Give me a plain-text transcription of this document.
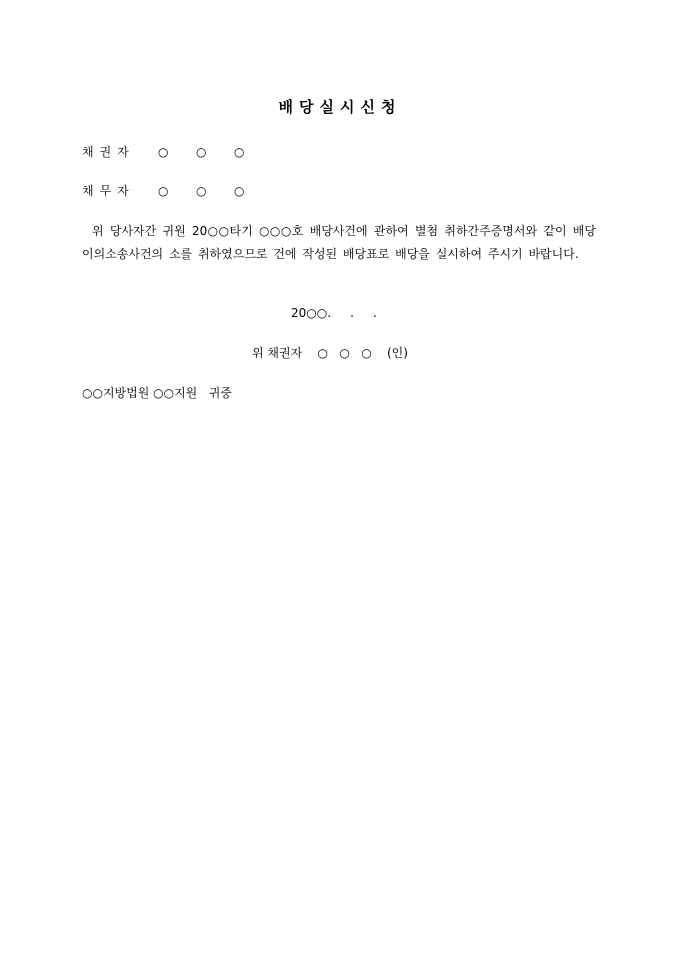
배당실시신청
채권자	○ ○ ○
채무자	○ ○ ○
위 당사자간 귀원 20○○타기 ○○○호 배당사건에 관하여 별첨 취하간주증명서와 같이 배당이의소송사건의 소를 취하였으므로 건에 작성된 배당표로 배당을 실시하여 주시기 바랍니다.
20○○.     .     .
위 채권자    ○   ○   ○    (인)
○○지방법원 ○○지원   귀중
